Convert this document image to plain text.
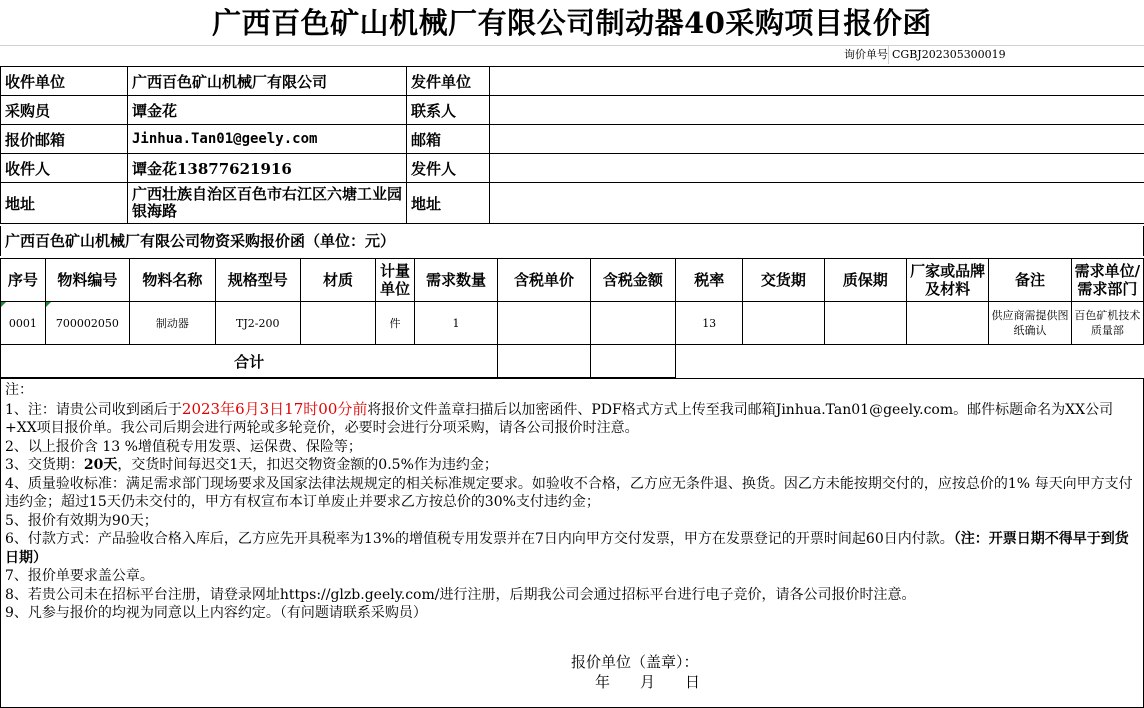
广西百色矿山机械厂有限公司制动器40采购项目报价函
询价单号 CGBJ202305300019
收件单位	广西百色矿山机械厂有限公司	发件单位	
采购员	谭金花	联系人	
报价邮箱	Jinhua.Tan01@geely.com	邮箱	
收件人	谭金花13877621916	发件人	
地址	广西壮族自治区百色市右江区六塘工业园银海路	地址	
广西百色矿山机械厂有限公司物资采购报价函（单位：元）
序号	物料编号	物料名称	规格型号	材质	计量单位	需求数量	含税单价	含税金额	税率	交货期	质保期	厂家或品牌及材料	备注	需求单位/需求部门

0001	700002050	制动器	TJ2-200		件	1			13				供应商需提供图纸确认	百色矿机技术质量部
合计														

注：

1、注：请贵公司收到函后于2023年6月3日17时00分前将报价文件盖章扫描后以加密函件、PDF格式方式上传至我司邮箱Jinhua.Tan01@geely.com。邮件标题命名为XX公司+XX项目报价单。我公司后期会进行两轮或多轮竞价，必要时会进行分项采购，请各公司报价时注意。

2、以上报价含 13 %增值税专用发票、运保费、保险等；

3、交货期：20天，交货时间每迟交1天，扣迟交物资金额的0.5%作为违约金；

4、质量验收标准：满足需求部门现场要求及国家法律法规规定的相关标准规定要求。如验收不合格，乙方应无条件退、换货。因乙方未能按期交付的，应按总价的1% 每天向甲方支付违约金；超过15天仍未交付的，甲方有权宣布本订单废止并要求乙方按总价的30%支付违约金；

5、报价有效期为90天；

6、付款方式：产品验收合格入库后，乙方应先开具税率为13%的增值税专用发票并在7日内向甲方交付发票，甲方在发票登记的开票时间起60日内付款。（注：开票日期不得早于到货日期）

7、报价单要求盖公章。

8、若贵公司未在招标平台注册，请登录网址https://glzb.geely.com/进行注册，后期我公司会通过招标平台进行电子竞价，请各公司报价时注意。

9、凡参与报价的均视为同意以上内容约定。（有问题请联系采购员）

报价单位（盖章）：
年　　月　　日
